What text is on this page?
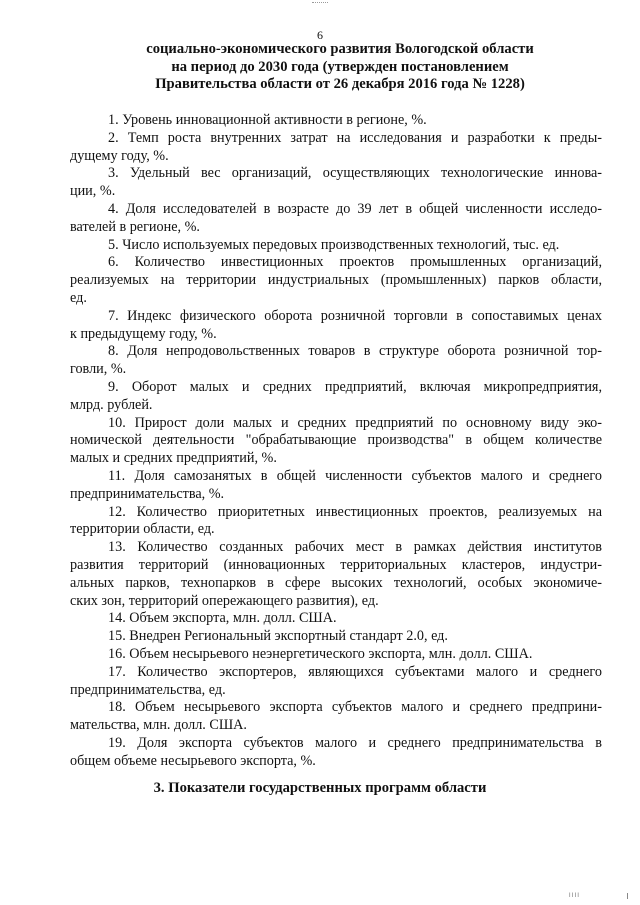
6
социально-экономического развития Вологодской области
на период до 2030 года (утвержден постановлением
Правительства области от 26 декабря 2016 года № 1228)

1. Уровень инновационной активности в регионе, %.

2. Темп роста внутренних затрат на исследования и разработки к преды-
дущему году, %.

3. Удельный вес организаций, осуществляющих технологические иннова-
ции, %.

4. Доля исследователей в возрасте до 39 лет в общей численности исследо-
вателей в регионе, %.

5. Число используемых передовых производственных технологий, тыс. ед.

6. Количество инвестиционных проектов промышленных организаций,
реализуемых на территории индустриальных (промышленных) парков области,
ед.

7. Индекс физического оборота розничной торговли в сопоставимых ценах
к предыдущему году, %.

8. Доля непродовольственных товаров в структуре оборота розничной тор-
говли, %.

9. Оборот малых и средних предприятий, включая микропредприятия,
млрд. рублей.

10. Прирост доли малых и средних предприятий по основному виду эко-
номической деятельности "обрабатывающие производства" в общем количестве
малых и средних предприятий, %.

11. Доля самозанятых в общей численности субъектов малого и среднего
предпринимательства, %.

12. Количество приоритетных инвестиционных проектов, реализуемых на
территории области, ед.

13. Количество созданных рабочих мест в рамках действия институтов
развития территорий (инновационных территориальных кластеров, индустри-
альных парков, технопарков в сфере высоких технологий, особых экономиче-
ских зон, территорий опережающего развития), ед.

14. Объем экспорта, млн. долл. США.

15. Внедрен Региональный экспортный стандарт 2.0, ед.

16. Объем несырьевого неэнергетического экспорта, млн. долл. США.

17. Количество экспортеров, являющихся субъектами малого и среднего
предпринимательства, ед.

18. Объем несырьевого экспорта субъектов малого и среднего предприни-
мательства, млн. долл. США.

19. Доля экспорта субъектов малого и среднего предпринимательства в
общем объеме несырьевого экспорта, %.

3. Показатели государственных программ области
IIII
